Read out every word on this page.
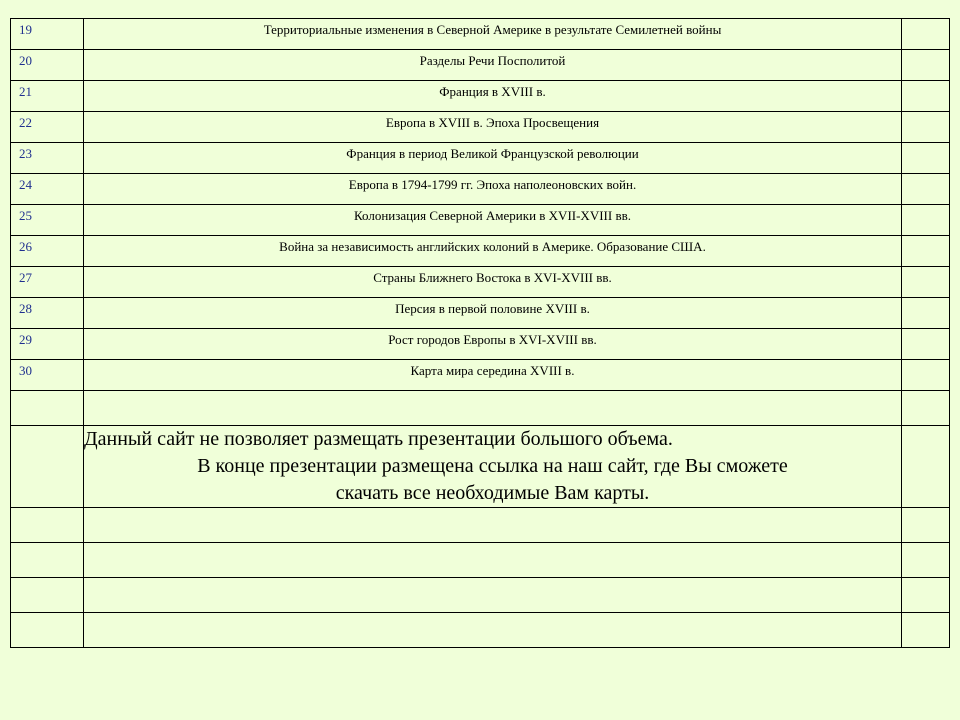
19	Территориальные изменения в Северной Америке в результате Семилетней войны	

20	Разделы Речи Посполитой	

21	Франция в XVIII в.	

22	Европа в XVIII в. Эпоха Просвещения	

23	Франция в период Великой Французской революции	

24	Европа в 1794-1799 гг. Эпоха наполеоновских войн.	

25	Колонизация Северной Америки в XVII-XVIII вв.	

26	Война за независимость английских колоний в Америке. Образование США.	

27	Страны Ближнего Востока в XVI-XVIII вв.	

28	Персия в первой половине XVIII в.	

29	Рост городов Европы в XVI-XVIII вв.	

30	Карта мира середина XVIII в.	

	Данный сайт не позволяет размещать презентации большого объема.
В конце презентации размещена ссылка на наш сайт, где Вы сможете
скачать все необходимые Вам карты.	
